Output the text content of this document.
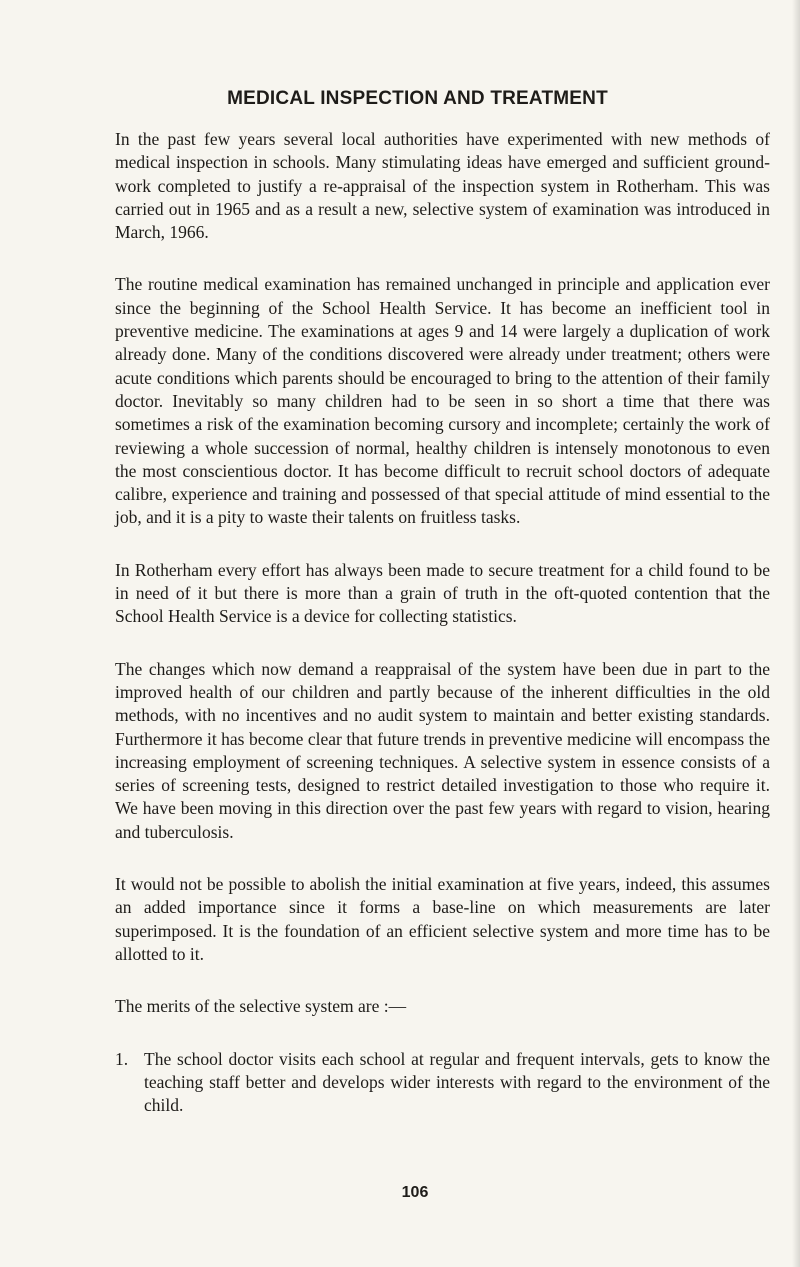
MEDICAL INSPECTION AND TREATMENT

In the past few years several local authorities have experimented with new methods of medical inspection in schools. Many stimulating ideas have emerged and sufficient ground-work completed to justify a re-appraisal of the inspection system in Rotherham. This was carried out in 1965 and as a result a new, selective system of examination was introduced in March, 1966.

The routine medical examination has remained unchanged in principle and application ever since the beginning of the School Health Service. It has become an inefficient tool in preventive medicine. The examinations at ages 9 and 14 were largely a duplication of work already done. Many of the conditions discovered were already under treatment; others were acute conditions which parents should be encouraged to bring to the attention of their family doctor. Inevitably so many children had to be seen in so short a time that there was sometimes a risk of the examination becoming cursory and incomplete; certainly the work of reviewing a whole succession of normal, healthy children is intensely monotonous to even the most conscientious doctor. It has become difficult to recruit school doctors of adequate calibre, experience and training and possessed of that special attitude of mind essential to the job, and it is a pity to waste their talents on fruitless tasks.

In Rotherham every effort has always been made to secure treatment for a child found to be in need of it but there is more than a grain of truth in the oft-quoted contention that the School Health Service is a device for collecting statistics.

The changes which now demand a reappraisal of the system have been due in part to the improved health of our children and partly because of the inherent difficulties in the old methods, with no incentives and no audit system to maintain and better existing standards. Furthermore it has become clear that future trends in preventive medicine will encompass the increasing employment of screening techniques. A selective system in essence consists of a series of screening tests, designed to restrict detailed investigation to those who require it. We have been moving in this direction over the past few years with regard to vision, hearing and tuberculosis.

It would not be possible to abolish the initial examination at five years, indeed, this assumes an added importance since it forms a base-line on which measurements are later superimposed. It is the foundation of an efficient selective system and more time has to be allotted to it.

The merits of the selective system are :—

1. The school doctor visits each school at regular and frequent intervals, gets to know the teaching staff better and develops wider interests with regard to the environment of the child.
106
